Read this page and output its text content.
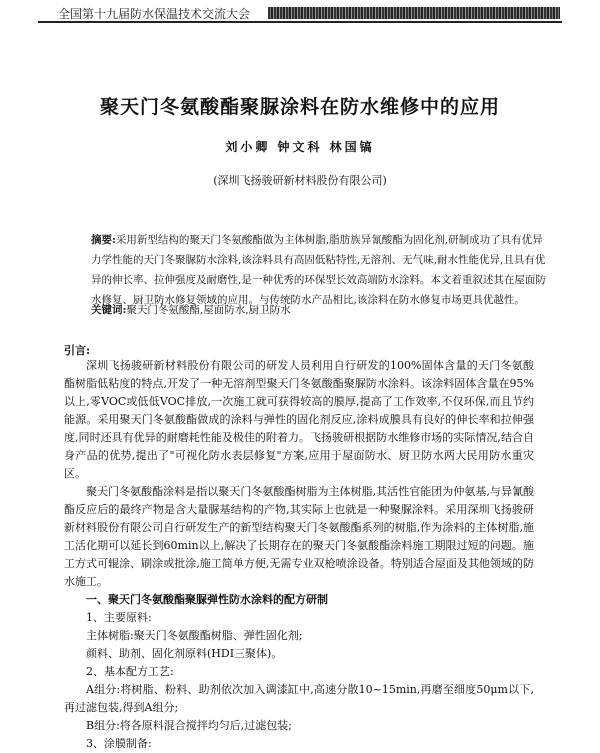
全国第十九届防水保温技术交流大会
聚天门冬氨酸酯聚脲涂料在防水维修中的应用
刘小卿 钟文科 林国镐
(深圳飞扬骏研新材料股份有限公司)
摘要:采用新型结构的聚天门冬氨酸酯做为主体树脂,脂肪族异氰酸酯为固化剂,研制成功了具有优异力学性能的天门冬聚脲防水涂料,该涂料具有高固低粘特性,无溶剂、无气味,耐水性能优异,且具有优异的伸长率、拉伸强度及耐磨性,是一种优秀的环保型长效高端防水涂料。本文着重叙述其在屋面防水修复、厨卫防水修复领域的应用。与传统防水产品相比,该涂料在防水修复市场更具优越性。
关键词:聚天门冬氨酸酯,屋面防水,厨卫防水
引言:

深圳飞扬骏研新材料股份有限公司的研发人员利用自行研发的100%固体含量的天门冬氨酸酯树脂低粘度的特点,开发了一种无溶剂型聚天门冬氨酸酯聚脲防水涂料。该涂料固体含量在95%以上,零VOC或低低VOC排放,一次施工就可获得较高的膜厚,提高了工作效率,不仅环保,而且节约能源。采用聚天门冬氨酸酯做成的涂料与弹性的固化剂反应,涂料成膜具有良好的伸长率和拉伸强度,同时还具有优异的耐磨耗性能及极佳的附着力。飞扬骏研根据防水维修市场的实际情况,结合自身产品的优势,提出了"可视化防水表层修复"方案,应用于屋面防水、厨卫防水两大民用防水重灾区。

聚天门冬氨酸酯涂料是指以聚天门冬氨酸酯树脂为主体树脂,其活性官能团为仲氨基,与异氰酸酯反应后的最终产物是含大量脲基结构的产物,其实际上也就是一种聚脲涂料。采用深圳飞扬骏研新材料股份有限公司自行研发生产的新型结构聚天门冬氨酸酯系列的树脂,作为涂料的主体树脂,施工活化期可以延长到60min以上,解决了长期存在的聚天门冬氨酸酯涂料施工期限过短的问题。施工方式可辊涂、刷涂或批涂,施工简单方便,无需专业双枪喷涂设备。特别适合屋面及其他领域的防水施工。

一、聚天门冬氨酸酯聚脲弹性防水涂料的配方研制

1、主要原料:

主体树脂:聚天门冬氨酸酯树脂、弹性固化剂;

颜料、助剂、固化剂原料(HDI三聚体)。

2、基本配方工艺:

A组分:将树脂、粉料、助剂依次加入调漆缸中,高速分散10~15min,再磨至细度50μm以下,再过滤包装,得到A组分;

B组分:将各原料混合搅拌均匀后,过滤包装;

3、涂膜制备:
